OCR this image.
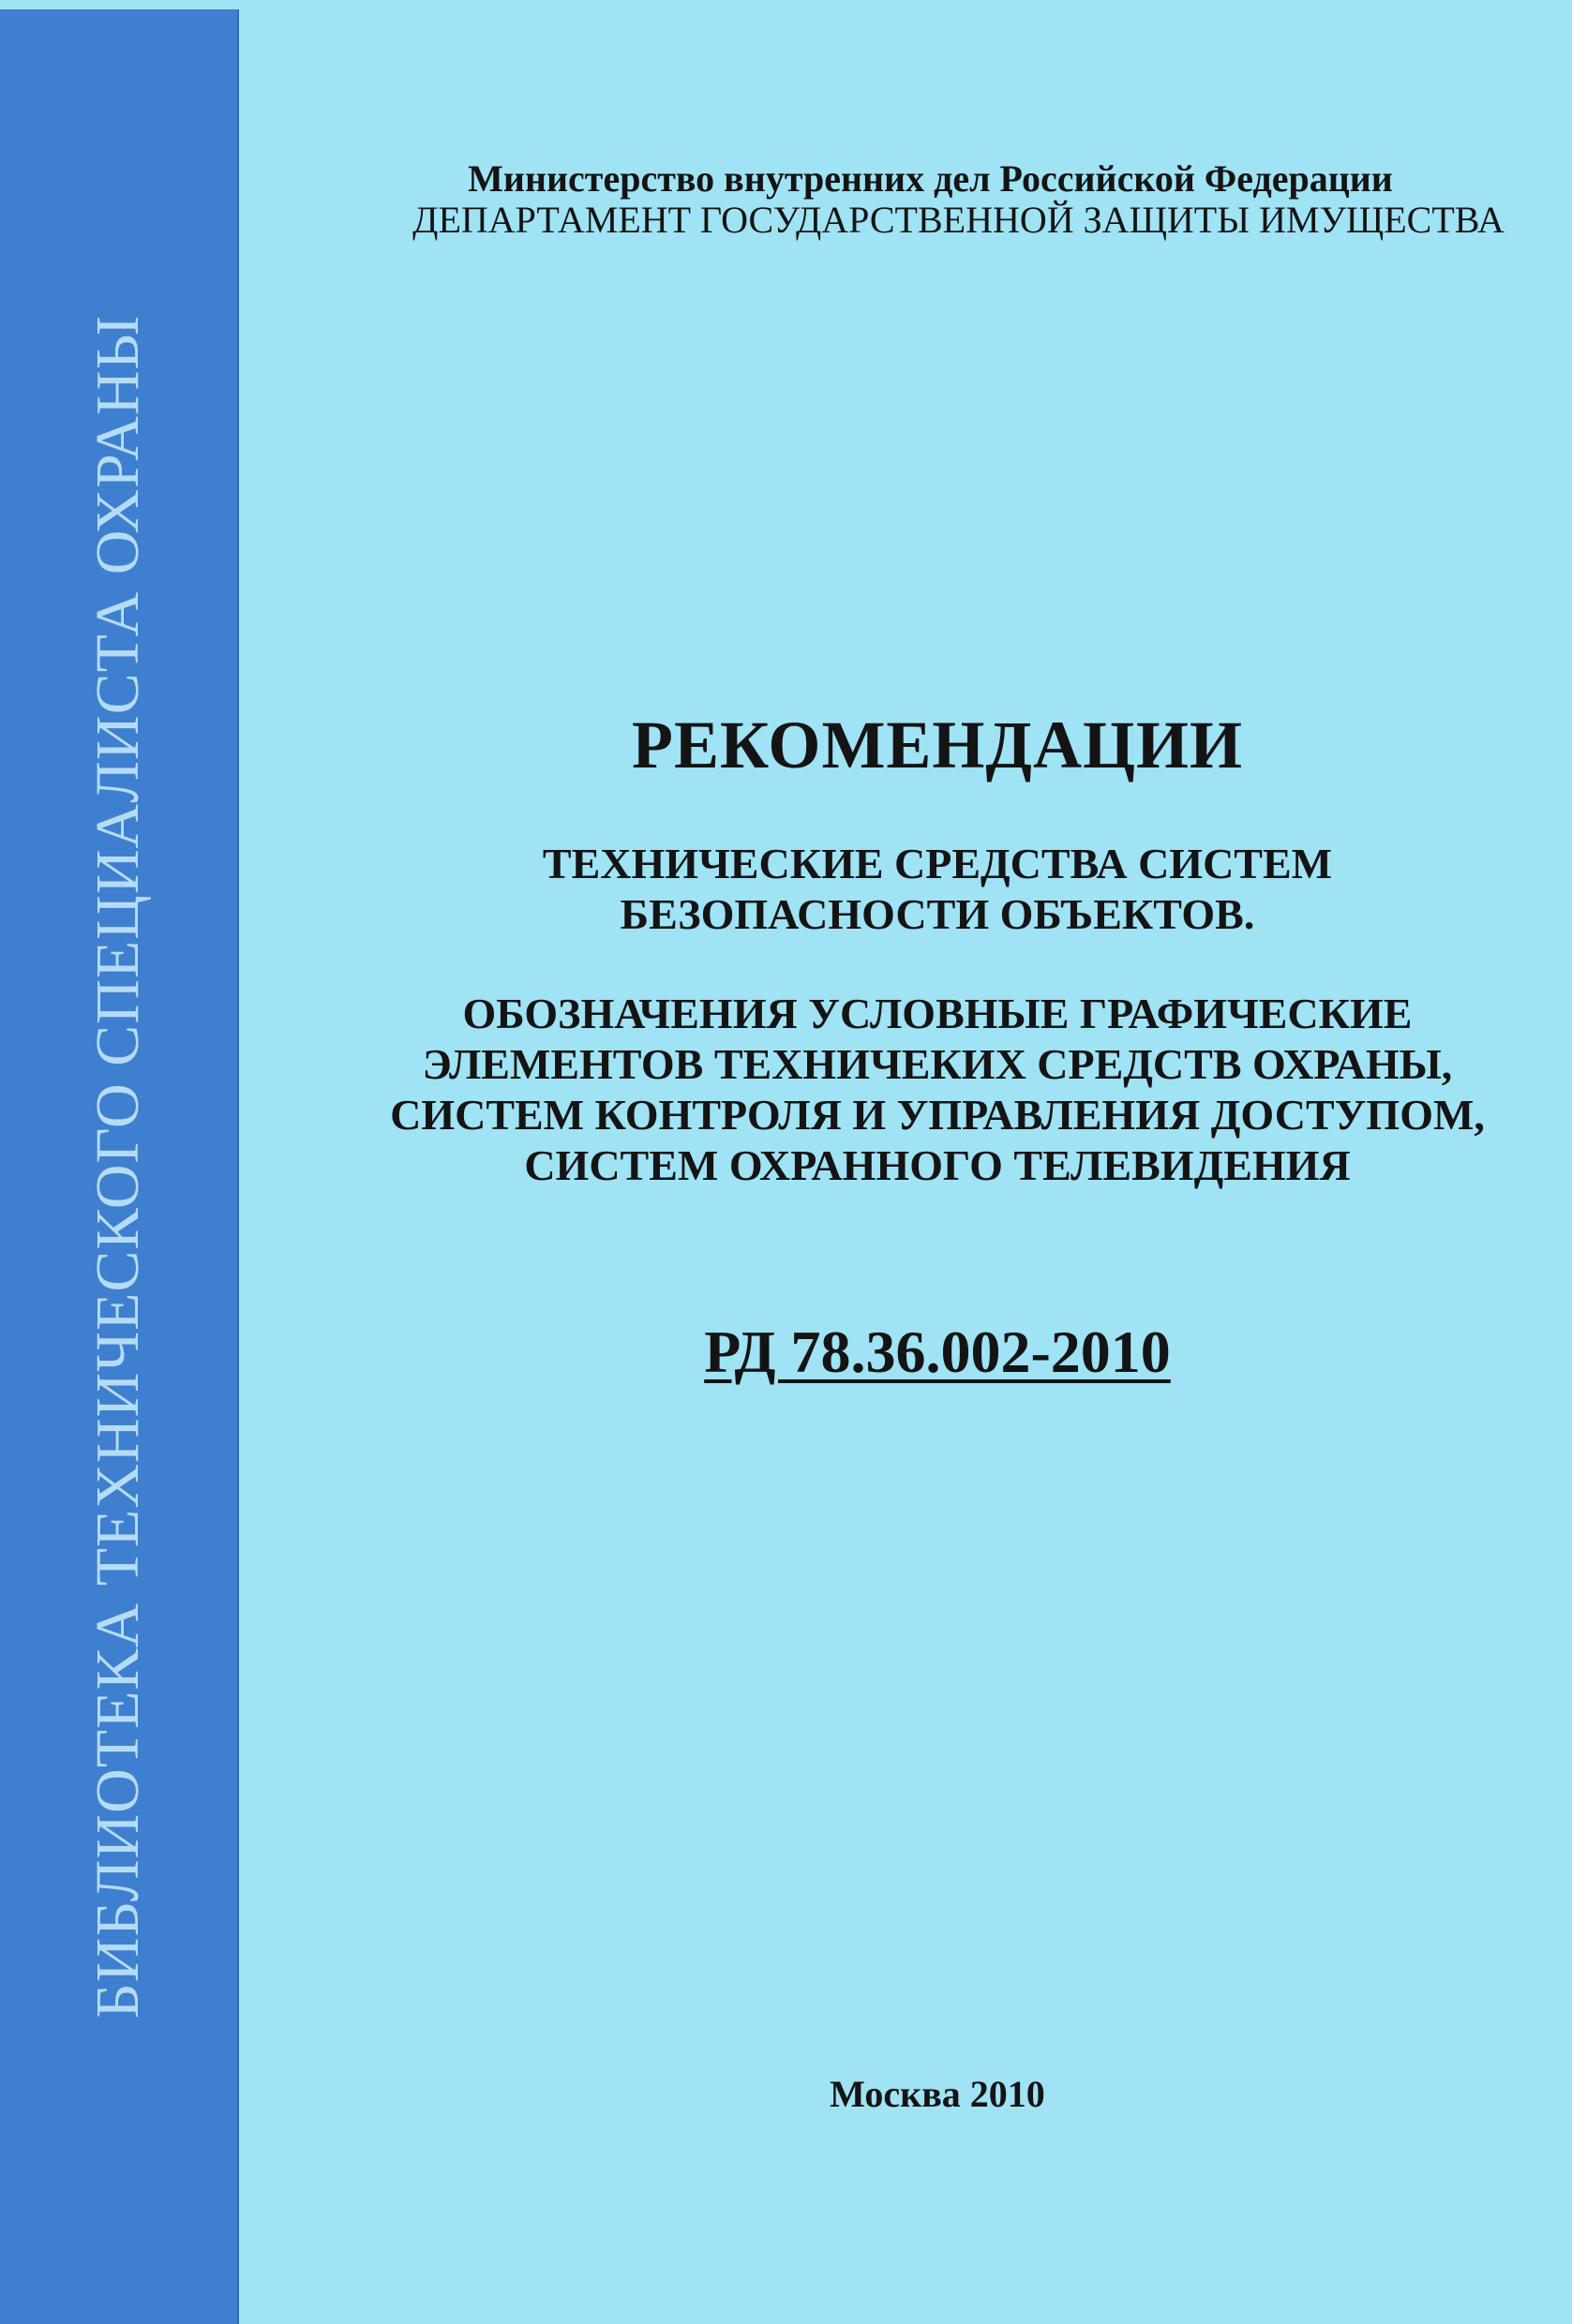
БИБЛИОТЕКА ТЕХНИЧЕСКОГО СПЕЦИАЛИСТА ОХРАНЫ
Министерство внутренних дел Российской Федерации
ДЕПАРТАМЕНТ ГОСУДАРСТВЕННОЙ ЗАЩИТЫ ИМУЩЕСТВА
РЕКОМЕНДАЦИИ
ТЕХНИЧЕСКИЕ СРЕДСТВА СИСТЕМ
БЕЗОПАСНОСТИ ОБЪЕКТОВ.
ОБОЗНАЧЕНИЯ УСЛОВНЫЕ ГРАФИЧЕСКИЕ
ЭЛЕМЕНТОВ ТЕХНИЧЕКИХ СРЕДСТВ ОХРАНЫ,
СИСТЕМ КОНТРОЛЯ И УПРАВЛЕНИЯ ДОСТУПОМ,
СИСТЕМ ОХРАННОГО ТЕЛЕВИДЕНИЯ
РД 78.36.002-2010
Москва 2010
